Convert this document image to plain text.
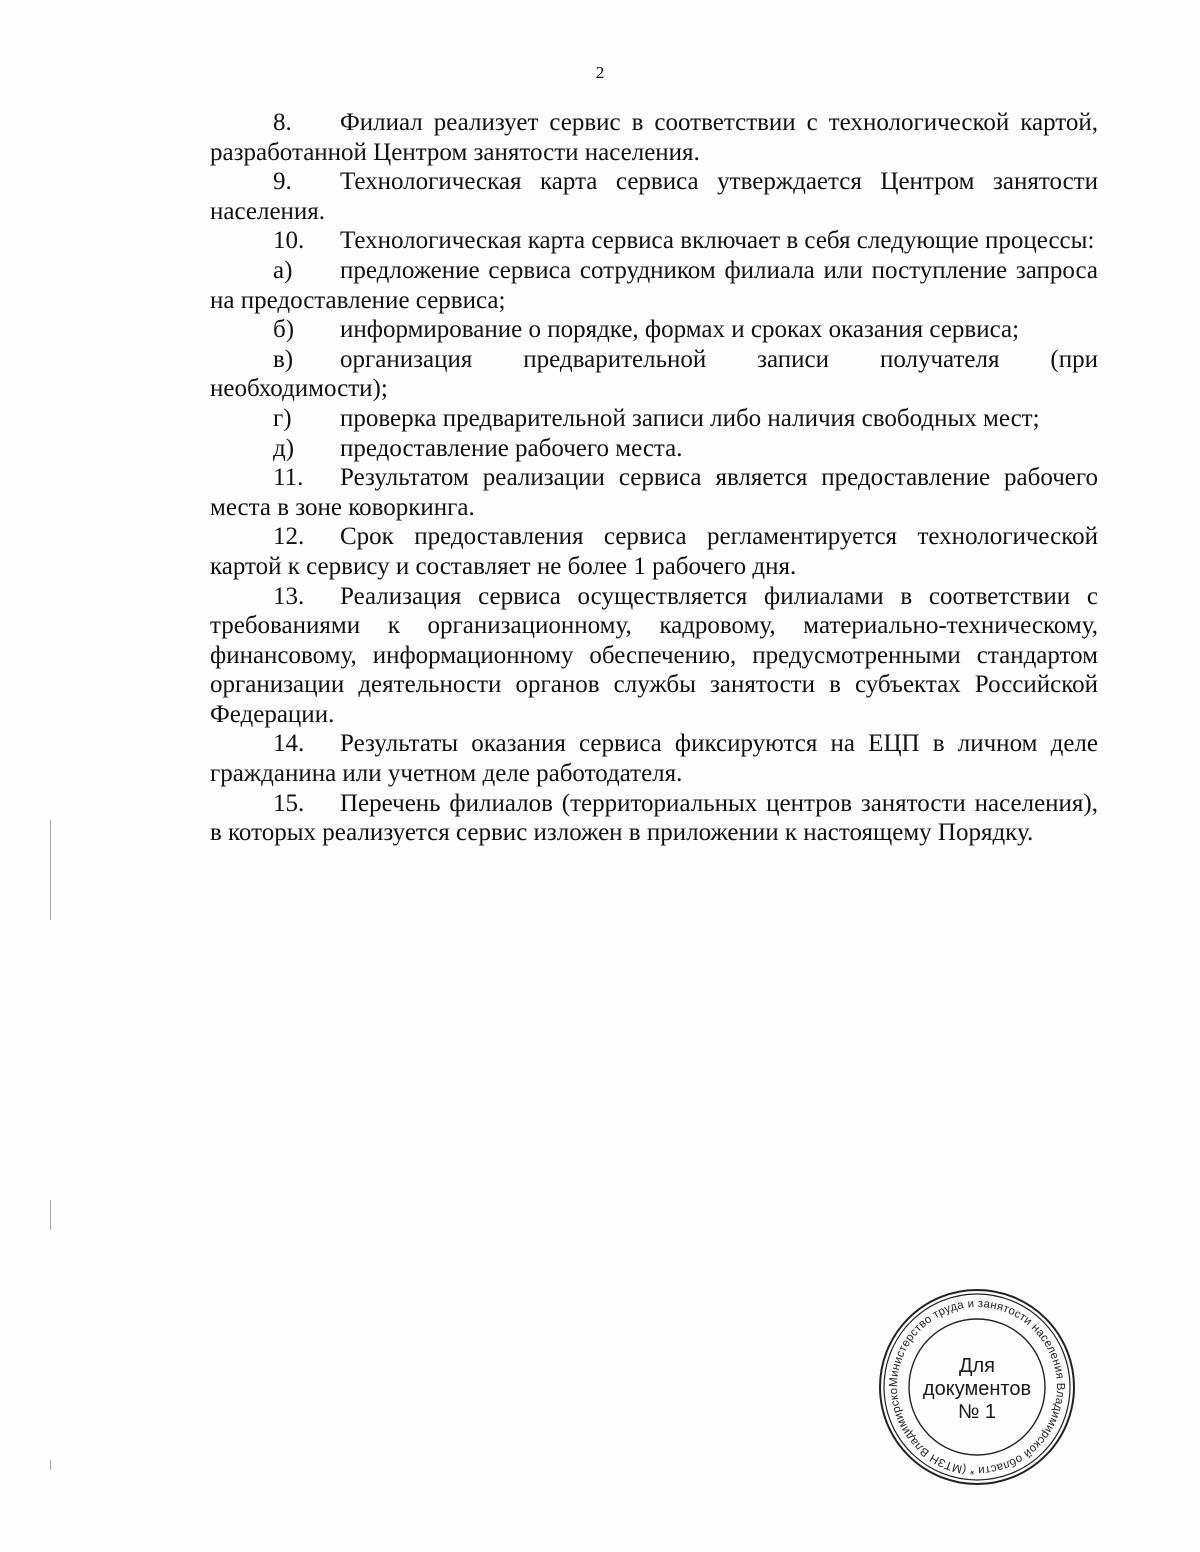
2

8. Филиал реализует сервис в соответствии с технологической картой, разработанной Центром занятости населения.

9. Технологическая карта сервиса утверждается Центром занятости населения.

10. Технологическая карта сервиса включает в себя следующие процессы:

а) предложение сервиса сотрудником филиала или поступление запроса на предоставление сервиса;

б) информирование о порядке, формах и сроках оказания сервиса;

в) организация предварительной записи получателя (при необходимости);

г) проверка предварительной записи либо наличия свободных мест;

д) предоставление рабочего места.

11. Результатом реализации сервиса является предоставление рабочего места в зоне коворкинга.

12. Срок предоставления сервиса регламентируется технологической картой к сервису и составляет не более 1 рабочего дня.

13. Реализация сервиса осуществляется филиалами в соответствии с требованиями к организационному, кадровому, материально-техническому, финансовому, информационному обеспечению, предусмотренными стандартом организации деятельности органов службы занятости в субъектах Российской Федерации.

14. Результаты оказания сервиса фиксируются на ЕЦП в личном деле гражданина или учетном деле работодателя.

15. Перечень филиалов (территориальных центров занятости населения), в которых реализуется сервис изложен в приложении к настоящему Порядку.

Министерство труда и занятости населения Владимирской области * (МТЗН Владимирско
Для
документов
№ 1
